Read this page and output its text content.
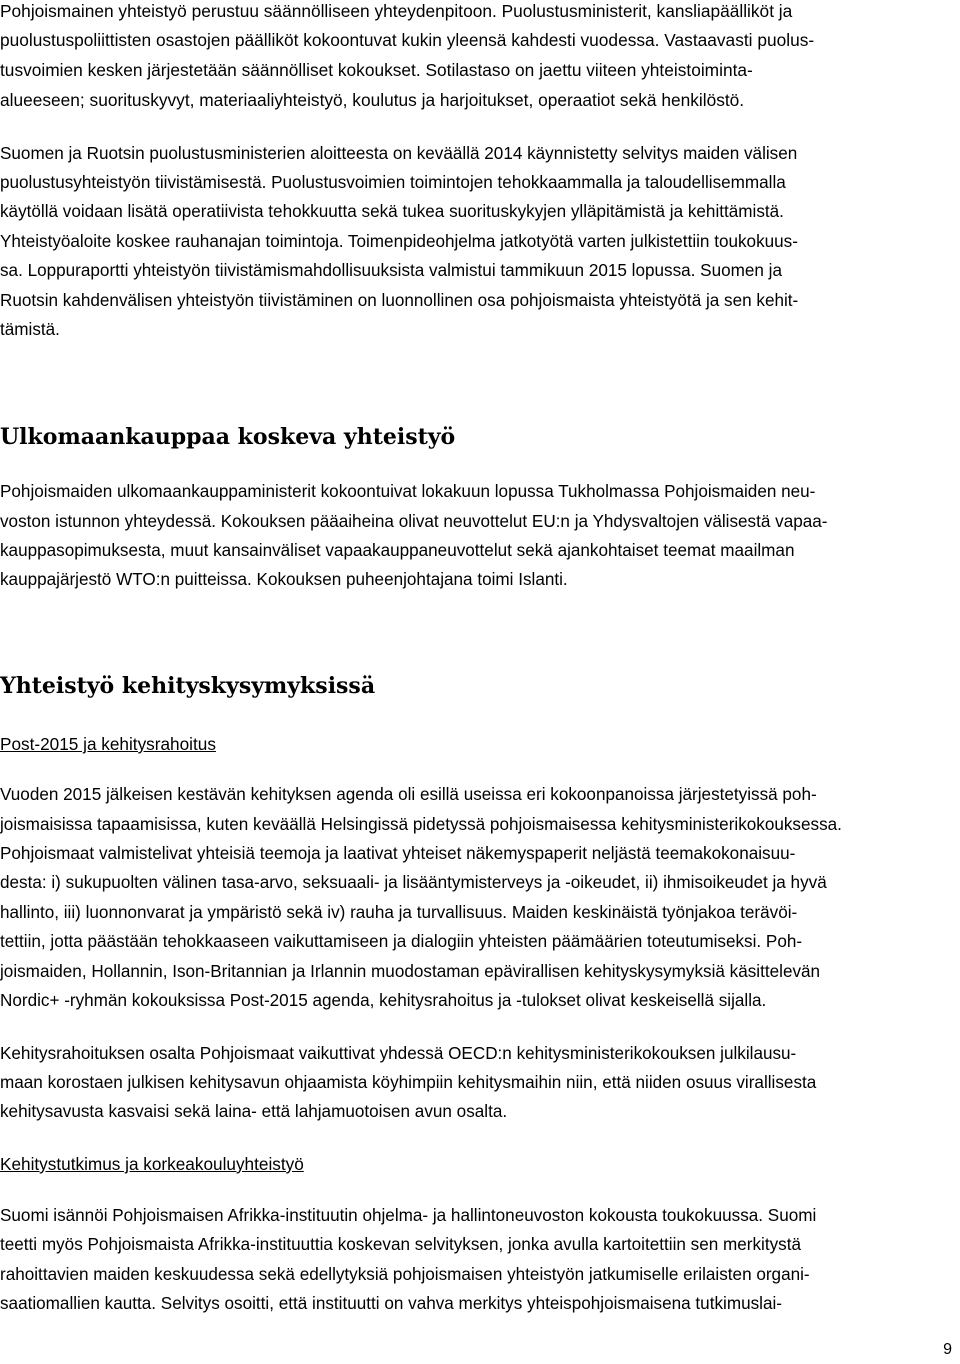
Pohjoismainen yhteistyö perustuu säännölliseen yhteydenpitoon. Puolustusministerit, kansliapäälliköt ja

puolustuspoliittisten osastojen päälliköt kokoontuvat kukin yleensä kahdesti vuodessa. Vastaavasti puolus-

tusvoimien kesken järjestetään säännölliset kokoukset. Sotilastaso on jaettu viiteen yhteistoiminta-

alueeseen; suorituskyvyt, materiaaliyhteistyö, koulutus ja harjoitukset, operaatiot sekä henkilöstö.

Suomen ja Ruotsin puolustusministerien aloitteesta on keväällä 2014 käynnistetty selvitys maiden välisen

puolustusyhteistyön tiivistämisestä. Puolustusvoimien toimintojen tehokkaammalla ja taloudellisemmalla

käytöllä voidaan lisätä operatiivista tehokkuutta sekä tukea suorituskykyjen ylläpitämistä ja kehittämistä.

Yhteistyöaloite koskee rauhanajan toimintoja. Toimenpideohjelma jatkotyötä varten julkistettiin toukokuus-

sa. Loppuraportti yhteistyön tiivistämismahdollisuuksista valmistui tammikuun 2015 lopussa. Suomen ja

Ruotsin kahdenvälisen yhteistyön tiivistäminen on luonnollinen osa pohjoismaista yhteistyötä ja sen kehit-

tämistä.

Ulkomaankauppaa koskeva yhteistyö

Pohjoismaiden ulkomaankauppaministerit kokoontuivat lokakuun lopussa Tukholmassa Pohjoismaiden neu-

voston istunnon yhteydessä. Kokouksen pääaiheina olivat neuvottelut EU:n ja Yhdysvaltojen välisestä vapaa-

kauppasopimuksesta, muut kansainväliset vapaakauppaneuvottelut sekä ajankohtaiset teemat maailman

kauppajärjestö WTO:n puitteissa. Kokouksen puheenjohtajana toimi Islanti.

Yhteistyö kehityskysymyksissä

Post-2015 ja kehitysrahoitus

Vuoden 2015 jälkeisen kestävän kehityksen agenda oli esillä useissa eri kokoonpanoissa järjestetyissä poh-

joismaisissa tapaamisissa, kuten keväällä Helsingissä pidetyssä pohjoismaisessa kehitysministerikokouksessa.

Pohjoismaat valmistelivat yhteisiä teemoja ja laativat yhteiset näkemyspaperit neljästä teemakokonaisuu-

desta: i) sukupuolten välinen tasa-arvo, seksuaali- ja lisääntymisterveys ja -oikeudet, ii) ihmisoikeudet ja hyvä

hallinto, iii) luonnonvarat ja ympäristö sekä iv) rauha ja turvallisuus. Maiden keskinäistä työnjakoa terävöi-

tettiin, jotta päästään tehokkaaseen vaikuttamiseen ja dialogiin yhteisten päämäärien toteutumiseksi. Poh-

joismaiden, Hollannin, Ison-Britannian ja Irlannin muodostaman epävirallisen kehityskysymyksiä käsittelevän

Nordic+ -ryhmän kokouksissa Post-2015 agenda, kehitysrahoitus ja -tulokset olivat keskeisellä sijalla.

Kehitysrahoituksen osalta Pohjoismaat vaikuttivat yhdessä OECD:n kehitysministerikokouksen julkilausu-

maan korostaen julkisen kehitysavun ohjaamista köyhimpiin kehitysmaihin niin, että niiden osuus virallisesta

kehitysavusta kasvaisi sekä laina- että lahjamuotoisen avun osalta.

Kehitystutkimus ja korkeakouluyhteistyö

Suomi isännöi Pohjoismaisen Afrikka-instituutin ohjelma- ja hallintoneuvoston kokousta toukokuussa. Suomi

teetti myös Pohjoismaista Afrikka-instituuttia koskevan selvityksen, jonka avulla kartoitettiin sen merkitystä

rahoittavien maiden keskuudessa sekä edellytyksiä pohjoismaisen yhteistyön jatkumiselle erilaisten organi-

saatiomallien kautta. Selvitys osoitti, että instituutti on vahva merkitys yhteispohjoismaisena tutkimuslai-

9
